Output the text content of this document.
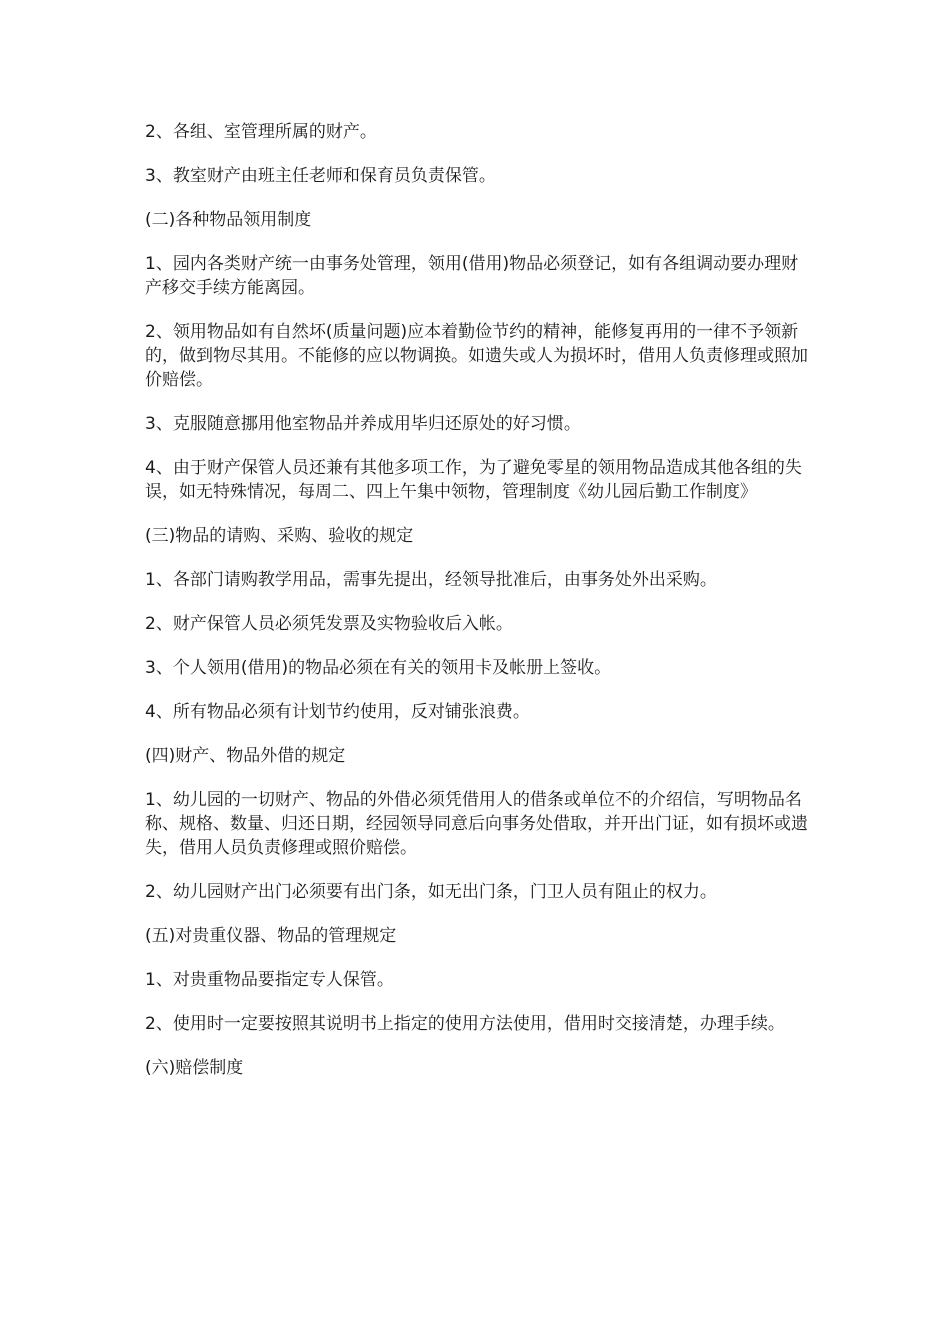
2、各组、室管理所属的财产。

3、教室财产由班主任老师和保育员负责保管。

(二)各种物品领用制度

1、园内各类财产统一由事务处管理，领用(借用)物品必须登记，如有各组调动要办理财产移交手续方能离园。

2、领用物品如有自然坏(质量问题)应本着勤俭节约的精神，能修复再用的一律不予领新的，做到物尽其用。不能修的应以物调换。如遗失或人为损坏时，借用人负责修理或照加价赔偿。

3、克服随意挪用他室物品并养成用毕归还原处的好习惯。

4、由于财产保管人员还兼有其他多项工作，为了避免零星的领用物品造成其他各组的失误，如无特殊情况，每周二、四上午集中领物，管理制度《幼儿园后勤工作制度》

(三)物品的请购、采购、验收的规定

1、各部门请购教学用品，需事先提出，经领导批准后，由事务处外出采购。

2、财产保管人员必须凭发票及实物验收后入帐。

3、个人领用(借用)的物品必须在有关的领用卡及帐册上签收。

4、所有物品必须有计划节约使用，反对铺张浪费。

(四)财产、物品外借的规定

1、幼儿园的一切财产、物品的外借必须凭借用人的借条或单位不的介绍信，写明物品名称、规格、数量、归还日期，经园领导同意后向事务处借取，并开出门证，如有损坏或遗失，借用人员负责修理或照价赔偿。

2、幼儿园财产出门必须要有出门条，如无出门条，门卫人员有阻止的权力。

(五)对贵重仪器、物品的管理规定

1、对贵重物品要指定专人保管。

2、使用时一定要按照其说明书上指定的使用方法使用，借用时交接清楚，办理手续。

(六)赔偿制度
